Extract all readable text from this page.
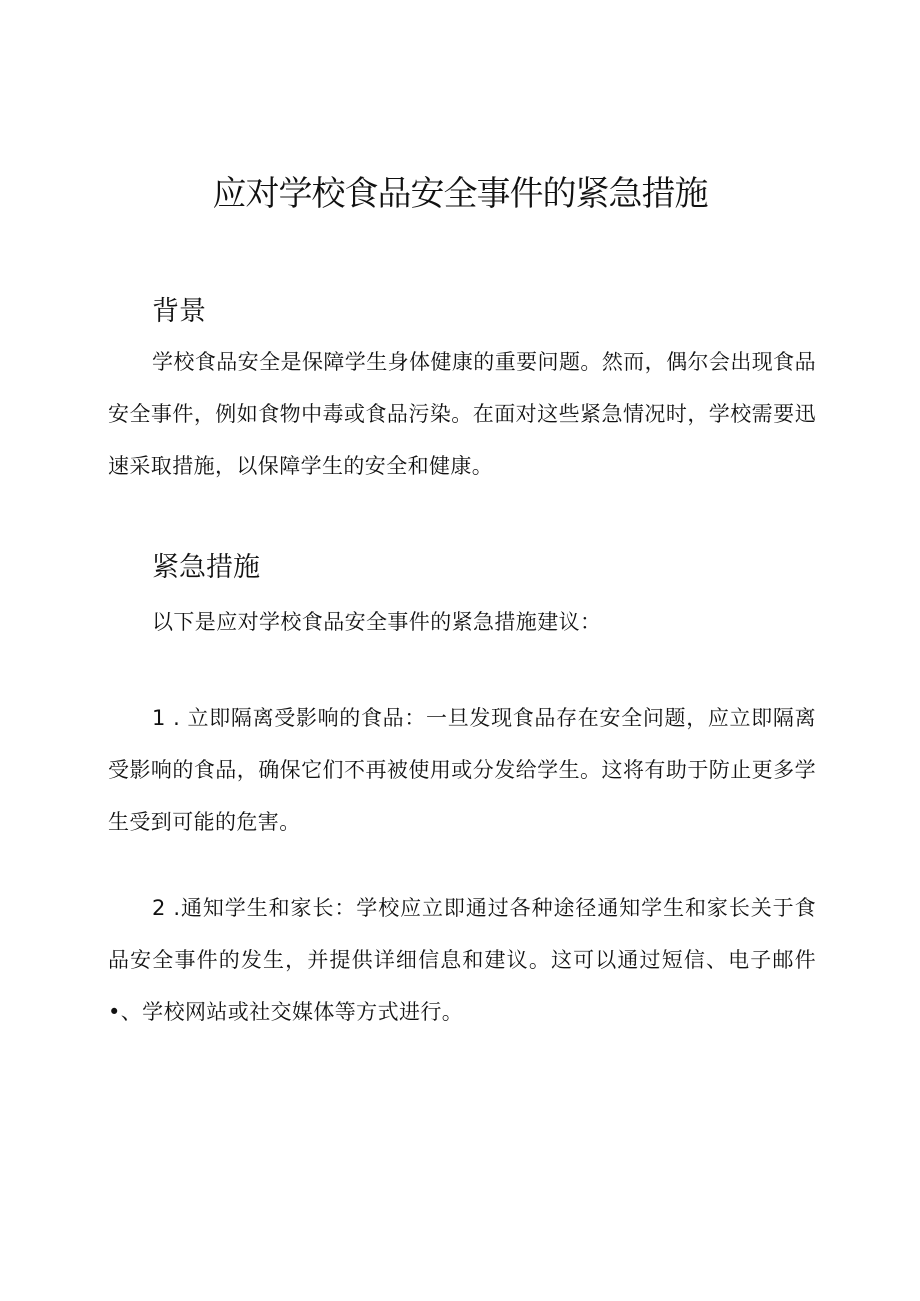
应对学校食品安全事件的紧急措施
背景

学校食品安全是保障学生身体健康的重要问题。然而，偶尔会出现食品安全事件，例如食物中毒或食品污染。在面对这些紧急情况时，学校需要迅速采取措施，以保障学生的安全和健康。

紧急措施

以下是应对学校食品安全事件的紧急措施建议：

1 . 立即隔离受影响的食品：一旦发现食品存在安全问题，应立即隔离受影响的食品，确保它们不再被使用或分发给学生。这将有助于防止更多学生受到可能的危害。

2 .通知学生和家长：学校应立即通过各种途径通知学生和家长关于食品安全事件的发生，并提供详细信息和建议。这可以通过短信、电子邮件•、学校网站或社交媒体等方式进行。
